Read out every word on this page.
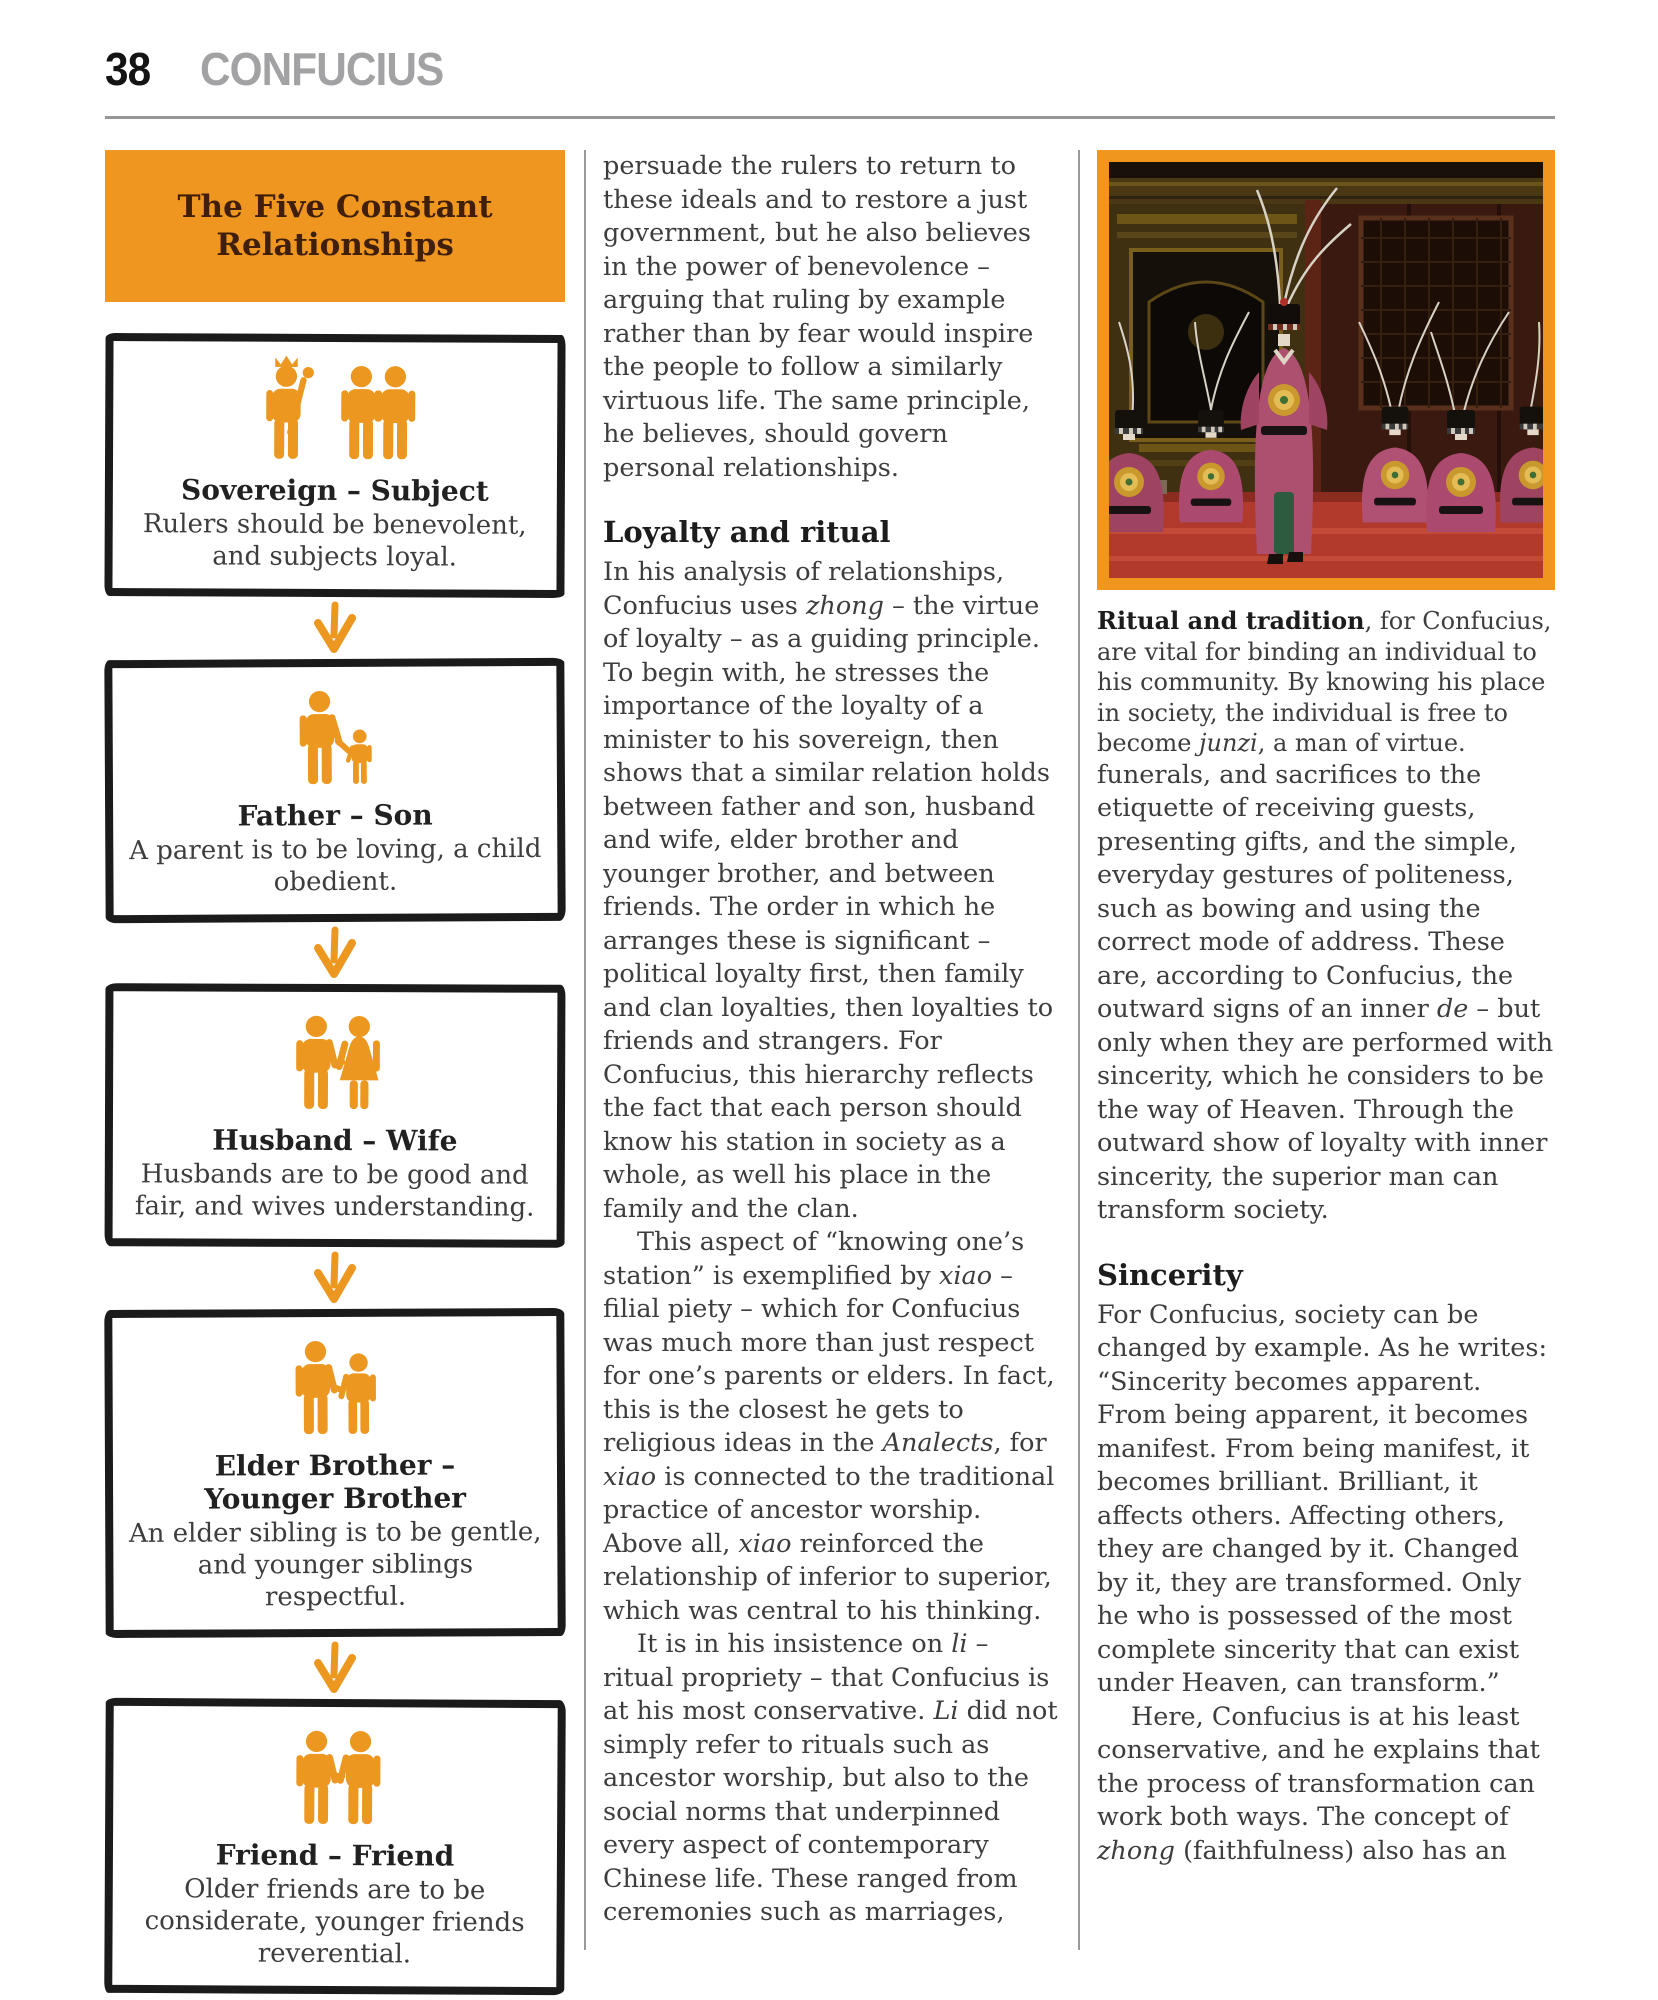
38 CONFUCIUS
The Five Constant Relationships
Sovereign – Subject
Rulers should be benevolent, and subjects loyal.
Father – Son
A parent is to be loving, a child obedient.
Husband – Wife
Husbands are to be good and fair, and wives understanding.
Elder Brother – Younger Brother
An elder sibling is to be gentle, and younger siblings respectful.
Friend – Friend
Older friends are to be considerate, younger friends reverential.

persuade the rulers to return to these ideals and to restore a just government, but he also believes in the power of benevolence – arguing that ruling by example rather than by fear would inspire the people to follow a similarly virtuous life. The same principle, he believes, should govern personal relationships.

Loyalty and ritual

In his analysis of relationships, Confucius uses zhong – the virtue of loyalty – as a guiding principle. To begin with, he stresses the importance of the loyalty of a minister to his sovereign, then shows that a similar relation holds between father and son, husband and wife, elder brother and younger brother, and between friends. The order in which he arranges these is significant – political loyalty first, then family and clan loyalties, then loyalties to friends and strangers. For Confucius, this hierarchy reflects the fact that each person should know his station in society as a whole, as well his place in the family and the clan.

This aspect of “knowing one’s station” is exemplified by xiao – filial piety – which for Confucius was much more than just respect for one’s parents or elders. In fact, this is the closest he gets to religious ideas in the Analects, for xiao is connected to the traditional practice of ancestor worship. Above all, xiao reinforced the relationship of inferior to superior, which was central to his thinking.

It is in his insistence on li – ritual propriety – that Confucius is at his most conservative. Li did not simply refer to rituals such as ancestor worship, but also to the social norms that underpinned every aspect of contemporary Chinese life. These ranged from ceremonies such as marriages,

Ritual and tradition, for Confucius, are vital for binding an individual to his community. By knowing his place in society, the individual is free to become junzi, a man of virtue.

funerals, and sacrifices to the etiquette of receiving guests, presenting gifts, and the simple, everyday gestures of politeness, such as bowing and using the correct mode of address. These are, according to Confucius, the outward signs of an inner de – but only when they are performed with sincerity, which he considers to be the way of Heaven. Through the outward show of loyalty with inner sincerity, the superior man can transform society.

Sincerity

For Confucius, society can be changed by example. As he writes: “Sincerity becomes apparent. From being apparent, it becomes manifest. From being manifest, it becomes brilliant. Brilliant, it affects others. Affecting others, they are changed by it. Changed by it, they are transformed. Only he who is possessed of the most complete sincerity that can exist under Heaven, can transform.”

Here, Confucius is at his least conservative, and he explains that the process of transformation can work both ways. The concept of zhong (faithfulness) also has an
